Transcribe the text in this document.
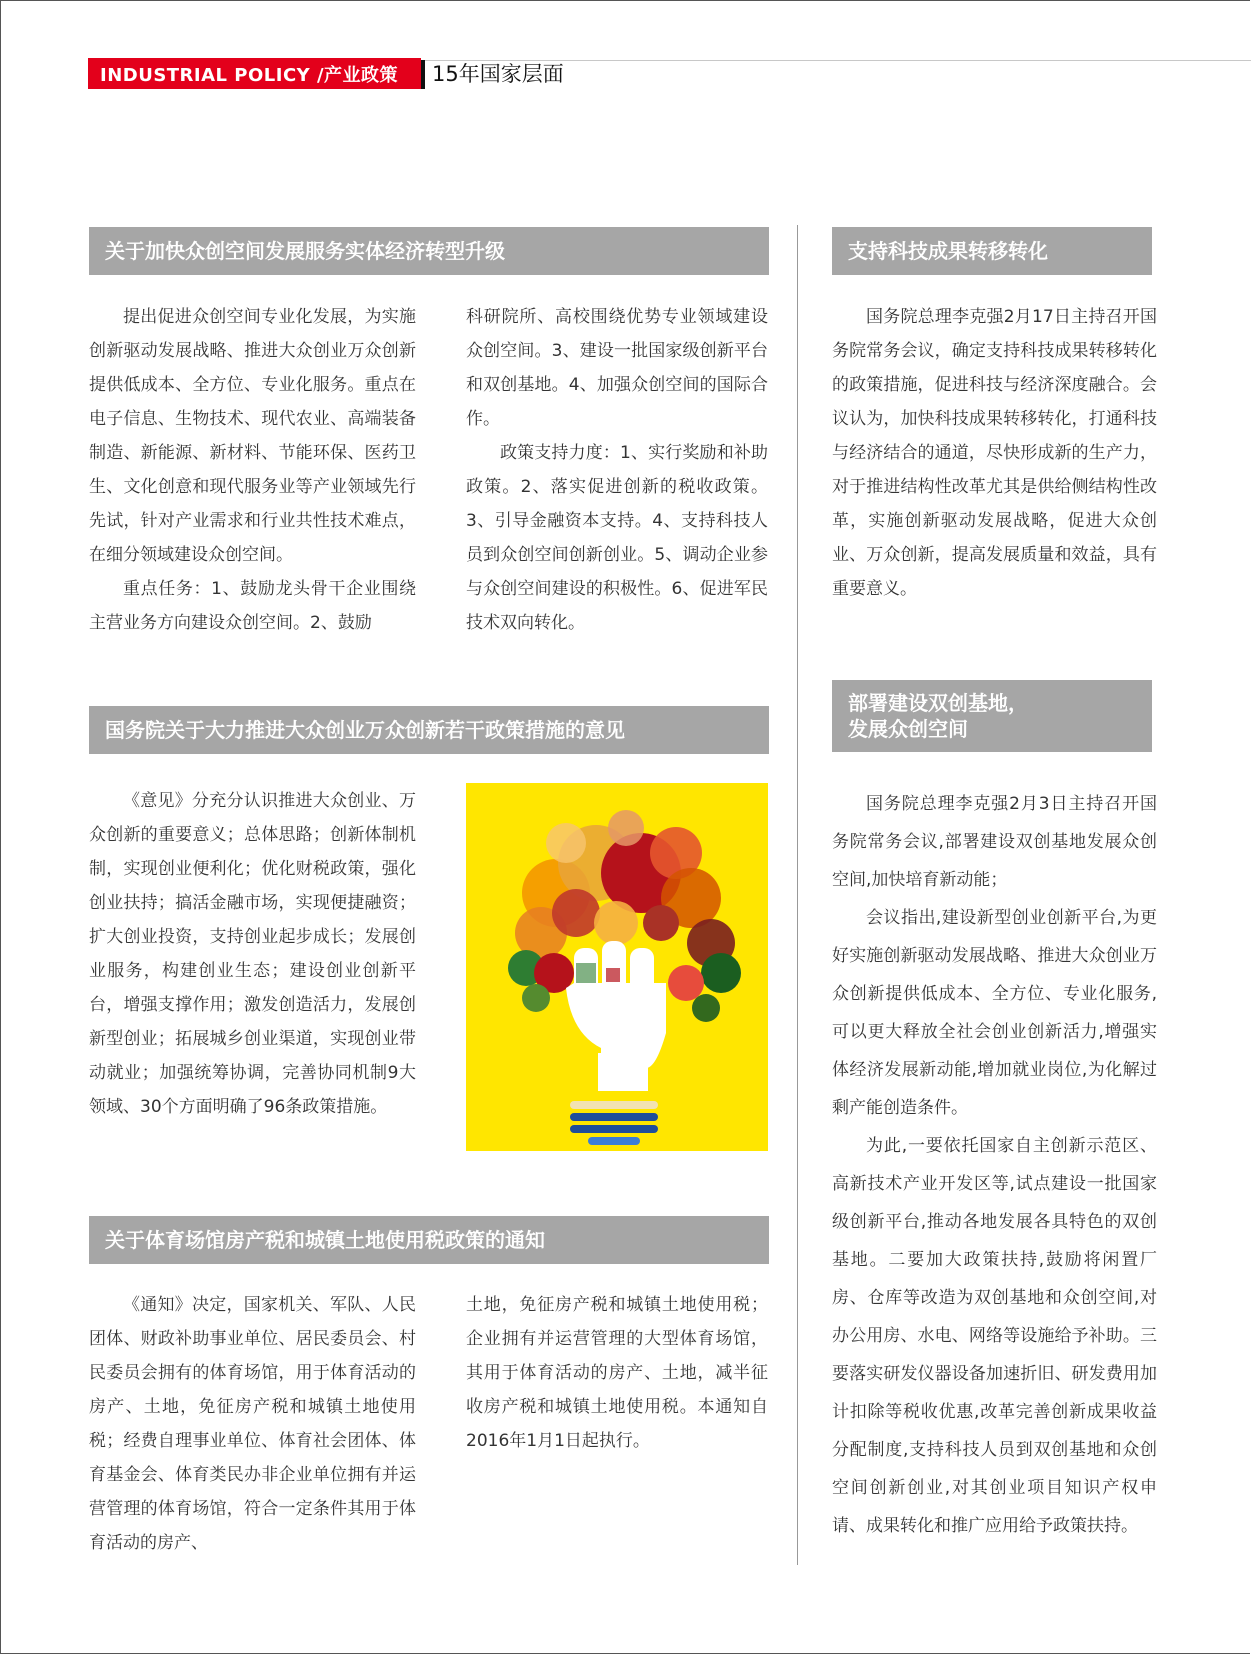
INDUSTRIAL POLICY /产业政策 15年国家层面
关于加快众创空间发展服务实体经济转型升级

提出促进众创空间专业化发展，为实施创新驱动发展战略、推进大众创业万众创新提供低成本、全方位、专业化服务。重点在电子信息、生物技术、现代农业、高端装备制造、新能源、新材料、节能环保、医药卫生、文化创意和现代服务业等产业领域先行先试，针对产业需求和行业共性技术难点，在细分领域建设众创空间。

重点任务：1、鼓励龙头骨干企业围绕主营业务方向建设众创空间。2、鼓励

科研院所、高校围绕优势专业领域建设众创空间。3、建设一批国家级创新平台和双创基地。4、加强众创空间的国际合作。

政策支持力度：1、实行奖励和补助政策。2、落实促进创新的税收政策。3、引导金融资本支持。4、支持科技人员到众创空间创新创业。5、调动企业参与众创空间建设的积极性。6、促进军民技术双向转化。

国务院关于大力推进大众创业万众创新若干政策措施的意见

《意见》分充分认识推进大众创业、万众创新的重要意义；总体思路；创新体制机制，实现创业便利化；优化财税政策，强化创业扶持；搞活金融市场，实现便捷融资；扩大创业投资，支持创业起步成长；发展创业服务，构建创业生态；建设创业创新平台，增强支撑作用；激发创造活力，发展创新型创业；拓展城乡创业渠道，实现创业带动就业；加强统筹协调，完善协同机制9大领域、30个方面明确了96条政策措施。

关于体育场馆房产税和城镇土地使用税政策的通知

《通知》决定，国家机关、军队、人民团体、财政补助事业单位、居民委员会、村民委员会拥有的体育场馆，用于体育活动的房产、土地，免征房产税和城镇土地使用税；经费自理事业单位、体育社会团体、体育基金会、体育类民办非企业单位拥有并运营管理的体育场馆，符合一定条件其用于体育活动的房产、

土地，免征房产税和城镇土地使用税；企业拥有并运营管理的大型体育场馆，其用于体育活动的房产、土地，减半征收房产税和城镇土地使用税。本通知自2016年1月1日起执行。

支持科技成果转移转化

国务院总理李克强2月17日主持召开国务院常务会议，确定支持科技成果转移转化的政策措施，促进科技与经济深度融合。会议认为，加快科技成果转移转化，打通科技与经济结合的通道，尽快形成新的生产力，对于推进结构性改革尤其是供给侧结构性改革，实施创新驱动发展战略，促进大众创业、万众创新，提高发展质量和效益，具有重要意义。

部署建设双创基地，
发展众创空间

国务院总理李克强2月3日主持召开国务院常务会议,部署建设双创基地发展众创空间,加快培育新动能；

会议指出,建设新型创业创新平台,为更好实施创新驱动发展战略、推进大众创业万众创新提供低成本、全方位、专业化服务,可以更大释放全社会创业创新活力,增强实体经济发展新动能,增加就业岗位,为化解过剩产能创造条件。

为此,一要依托国家自主创新示范区、高新技术产业开发区等,试点建设一批国家级创新平台,推动各地发展各具特色的双创基地。二要加大政策扶持,鼓励将闲置厂房、仓库等改造为双创基地和众创空间,对办公用房、水电、网络等设施给予补助。三要落实研发仪器设备加速折旧、研发费用加计扣除等税收优惠,改革完善创新成果收益分配制度,支持科技人员到双创基地和众创空间创新创业,对其创业项目知识产权申请、成果转化和推广应用给予政策扶持。
